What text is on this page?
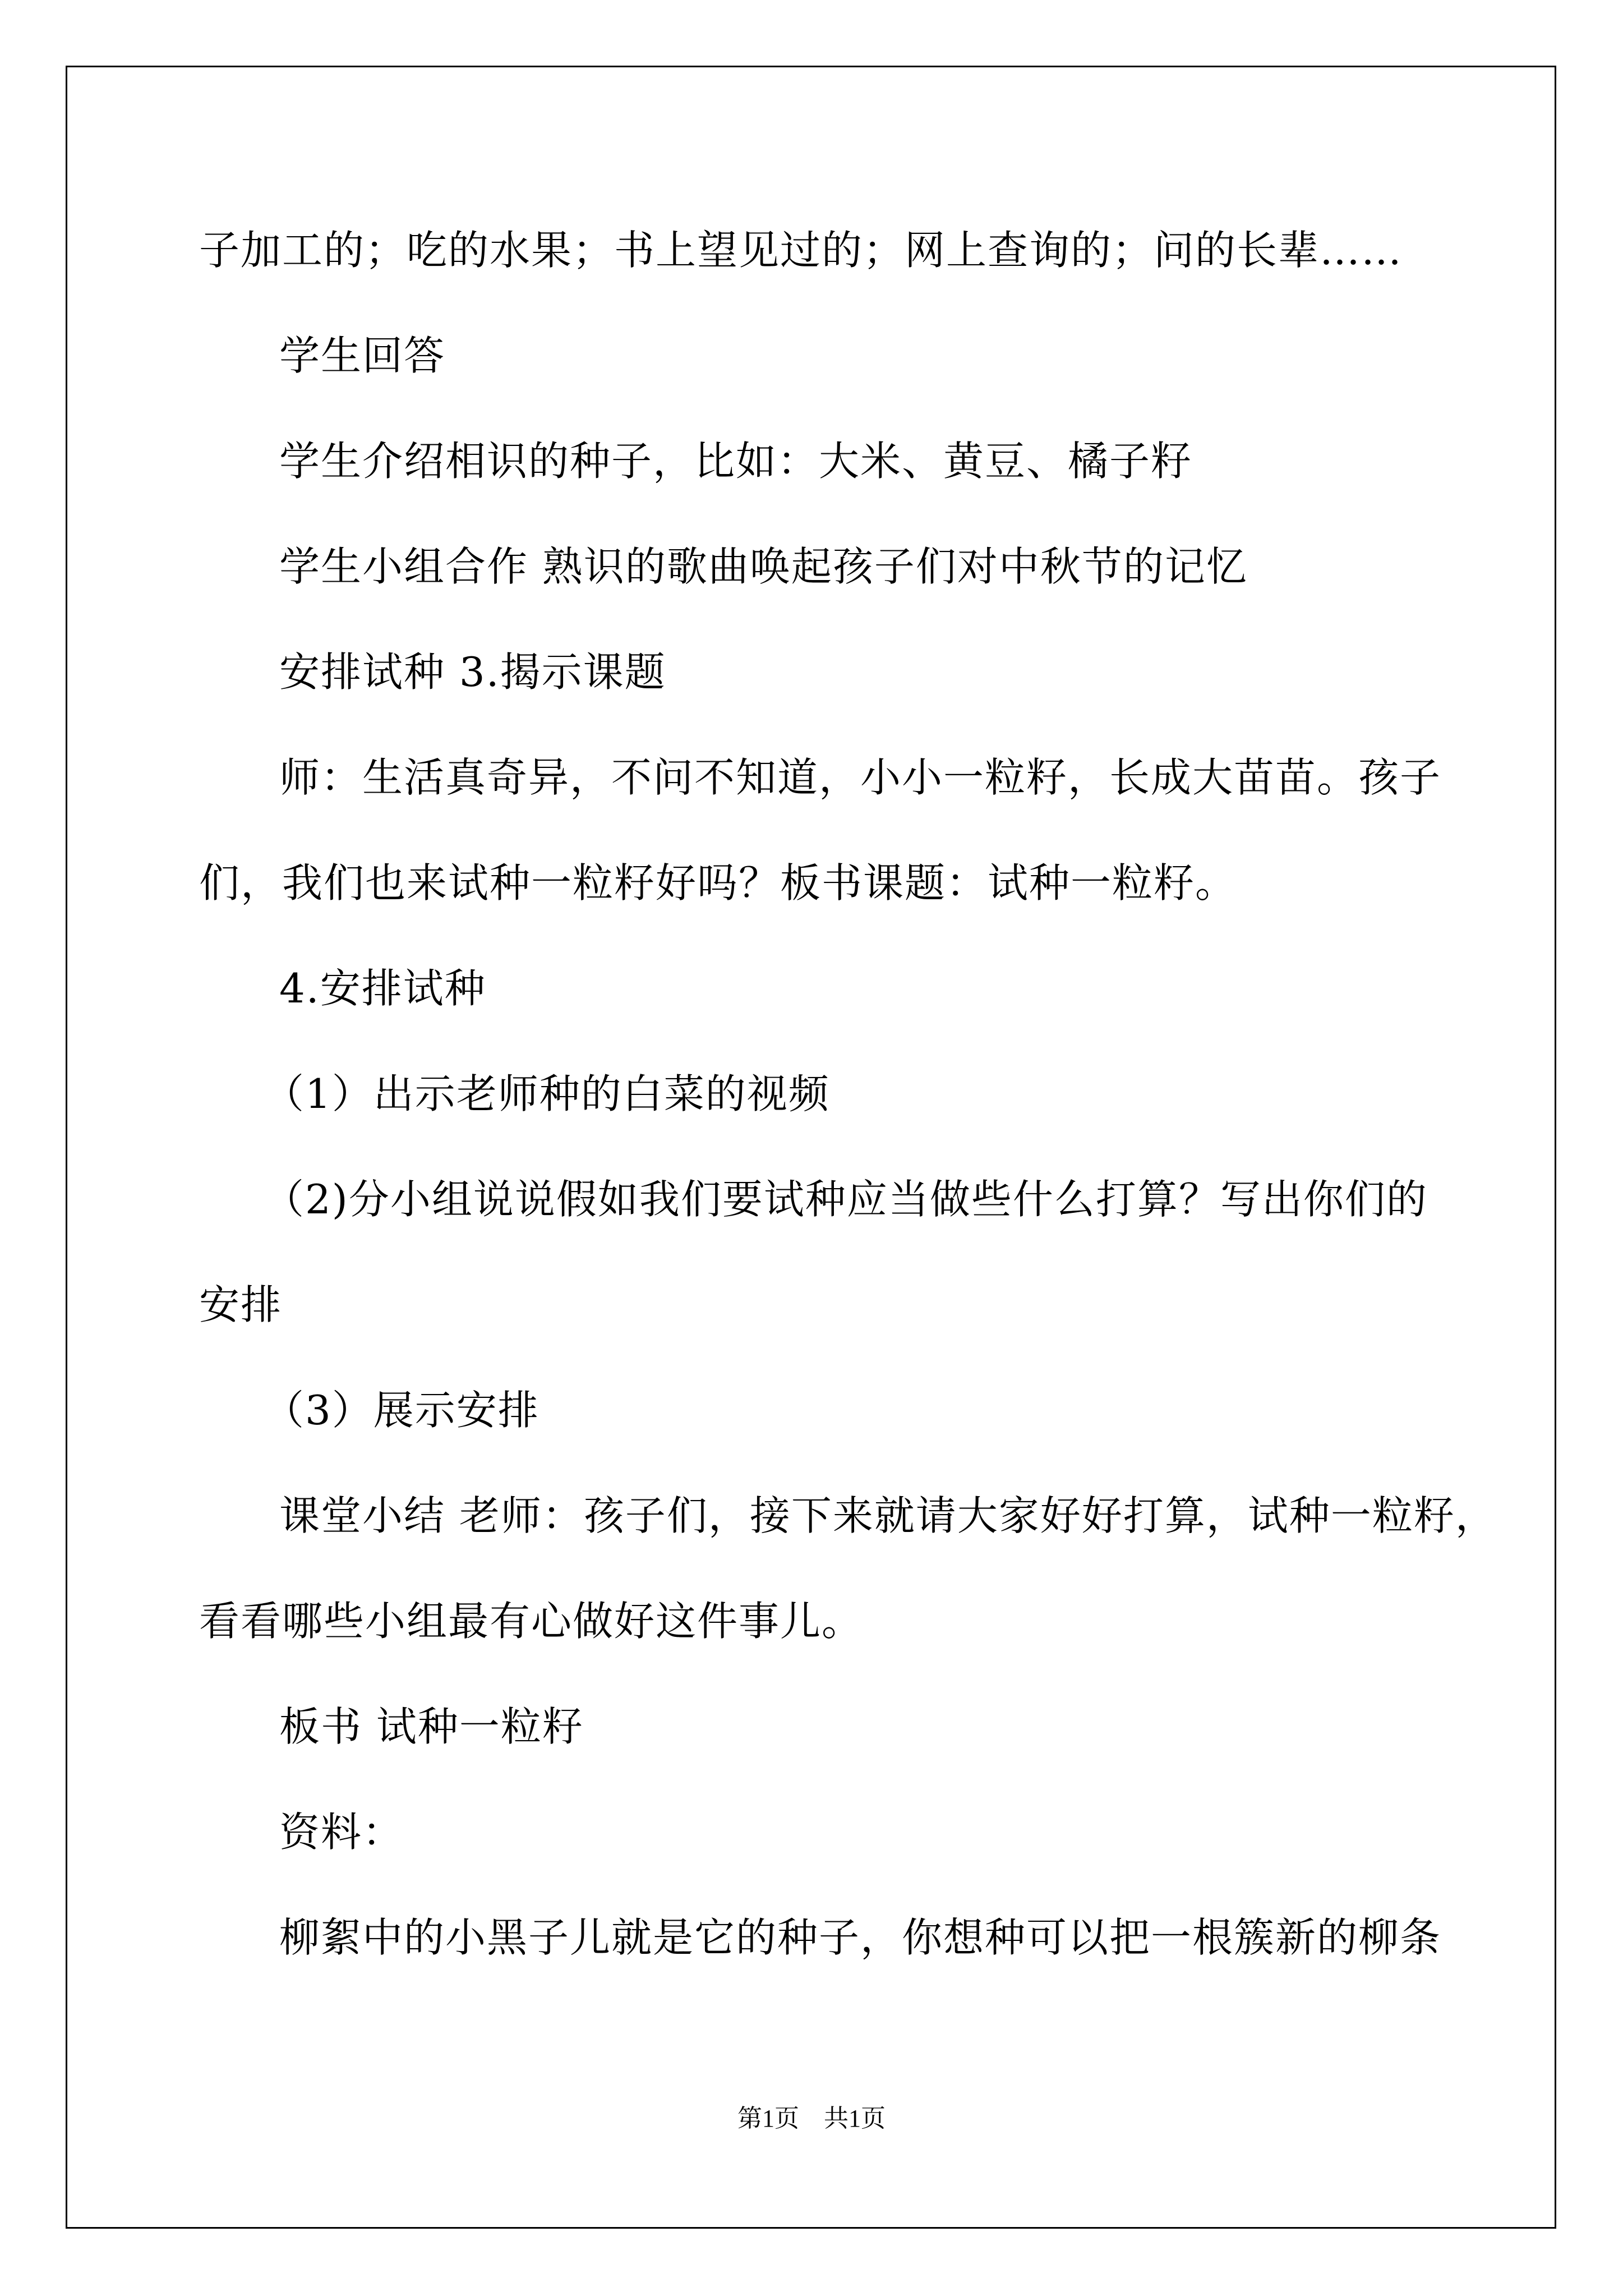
子加工的；吃的水果；书上望见过的；网上查询的；问的长辈……
学生回答
学生介绍相识的种子，比如：大米、黄豆、橘子籽
学生小组合作 熟识的歌曲唤起孩子们对中秋节的记忆
安排试种 3.揭示课题
师：生活真奇异，不问不知道，小小一粒籽，长成大苗苗。孩子
们，我们也来试种一粒籽好吗？板书课题：试种一粒籽。
4.安排试种
（1）出示老师种的白菜的视频
（2)分小组说说假如我们要试种应当做些什么打算？写出你们的
安排
（3）展示安排
课堂小结 老师：孩子们，接下来就请大家好好打算，试种一粒籽，
看看哪些小组最有心做好这件事儿。
板书 试种一粒籽
资料：
柳絮中的小黑子儿就是它的种子，你想种可以把一根簇新的柳条
第1页　共1页
